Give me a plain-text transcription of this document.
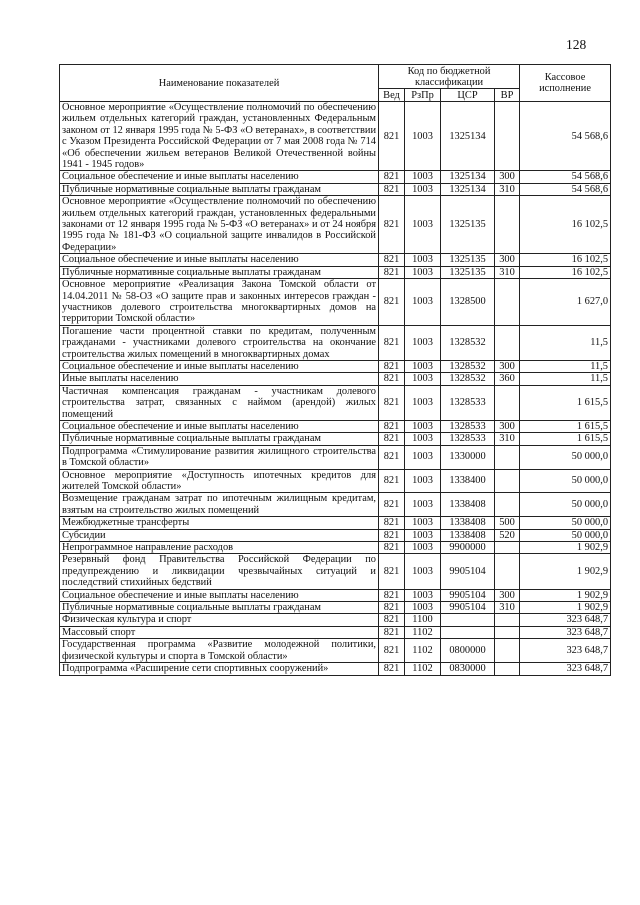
128
Наименование показателей	Код по бюджетной классификации				Кассовое исполнение
	Вед	РзПр	ЦСР	ВР	
Основное мероприятие «Осуществление полномочий по обеспечению жильем отдельных категорий граждан, установленных Федеральным законом от 12 января 1995 года № 5-ФЗ «О ветеранах», в соответствии с Указом Президента Российской Федерации от 7 мая 2008 года № 714 «Об обеспечении жильем ветеранов Великой Отечественной войны 1941 - 1945 годов»	821	1003	1325134		54 568,6
Социальное обеспечение и иные выплаты населению	821	1003	1325134	300	54 568,6
Публичные нормативные социальные выплаты гражданам	821	1003	1325134	310	54 568,6
Основное мероприятие «Осуществление полномочий по обеспечению жильем отдельных категорий граждан, установленных федеральными законами от 12 января 1995 года № 5-ФЗ «О ветеранах» и от 24 ноября 1995 года № 181-ФЗ «О социальной защите инвалидов в Российской Федерации»	821	1003	1325135		16 102,5
Социальное обеспечение и иные выплаты населению	821	1003	1325135	300	16 102,5
Публичные нормативные социальные выплаты гражданам	821	1003	1325135	310	16 102,5
Основное мероприятие «Реализация Закона Томской области от 14.04.2011 № 58-ОЗ «О защите прав и законных интересов граждан - участников долевого строительства многоквартирных домов на территории Томской области»	821	1003	1328500		1 627,0
Погашение части процентной ставки по кредитам, полученным гражданами - участниками долевого строительства на окончание строительства жилых помещений в многоквартирных домах	821	1003	1328532		11,5
Социальное обеспечение и иные выплаты населению	821	1003	1328532	300	11,5
Иные выплаты населению	821	1003	1328532	360	11,5
Частичная компенсация гражданам - участникам долевого строительства затрат, связанных с наймом (арендой) жилых помещений	821	1003	1328533		1 615,5
Социальное обеспечение и иные выплаты населению	821	1003	1328533	300	1 615,5
Публичные нормативные социальные выплаты гражданам	821	1003	1328533	310	1 615,5
Подпрограмма «Стимулирование развития жилищного строительства в Томской области»	821	1003	1330000		50 000,0
Основное мероприятие «Доступность ипотечных кредитов для жителей Томской области»	821	1003	1338400		50 000,0
Возмещение гражданам затрат по ипотечным жилищным кредитам, взятым на строительство жилых помещений	821	1003	1338408		50 000,0
Межбюджетные трансферты	821	1003	1338408	500	50 000,0
Субсидии	821	1003	1338408	520	50 000,0
Непрограммное направление расходов	821	1003	9900000		1 902,9
Резервный фонд Правительства Российской Федерации по предупреждению и ликвидации чрезвычайных ситуаций и последствий стихийных бедствий	821	1003	9905104		1 902,9
Социальное обеспечение и иные выплаты населению	821	1003	9905104	300	1 902,9
Публичные нормативные социальные выплаты гражданам	821	1003	9905104	310	1 902,9
Физическая культура и спорт	821	1100			323 648,7
Массовый спорт	821	1102			323 648,7
Государственная программа «Развитие молодежной политики, физической культуры и спорта в Томской области»	821	1102	0800000		323 648,7
Подпрограмма «Расширение сети спортивных сооружений»	821	1102	0830000		323 648,7
